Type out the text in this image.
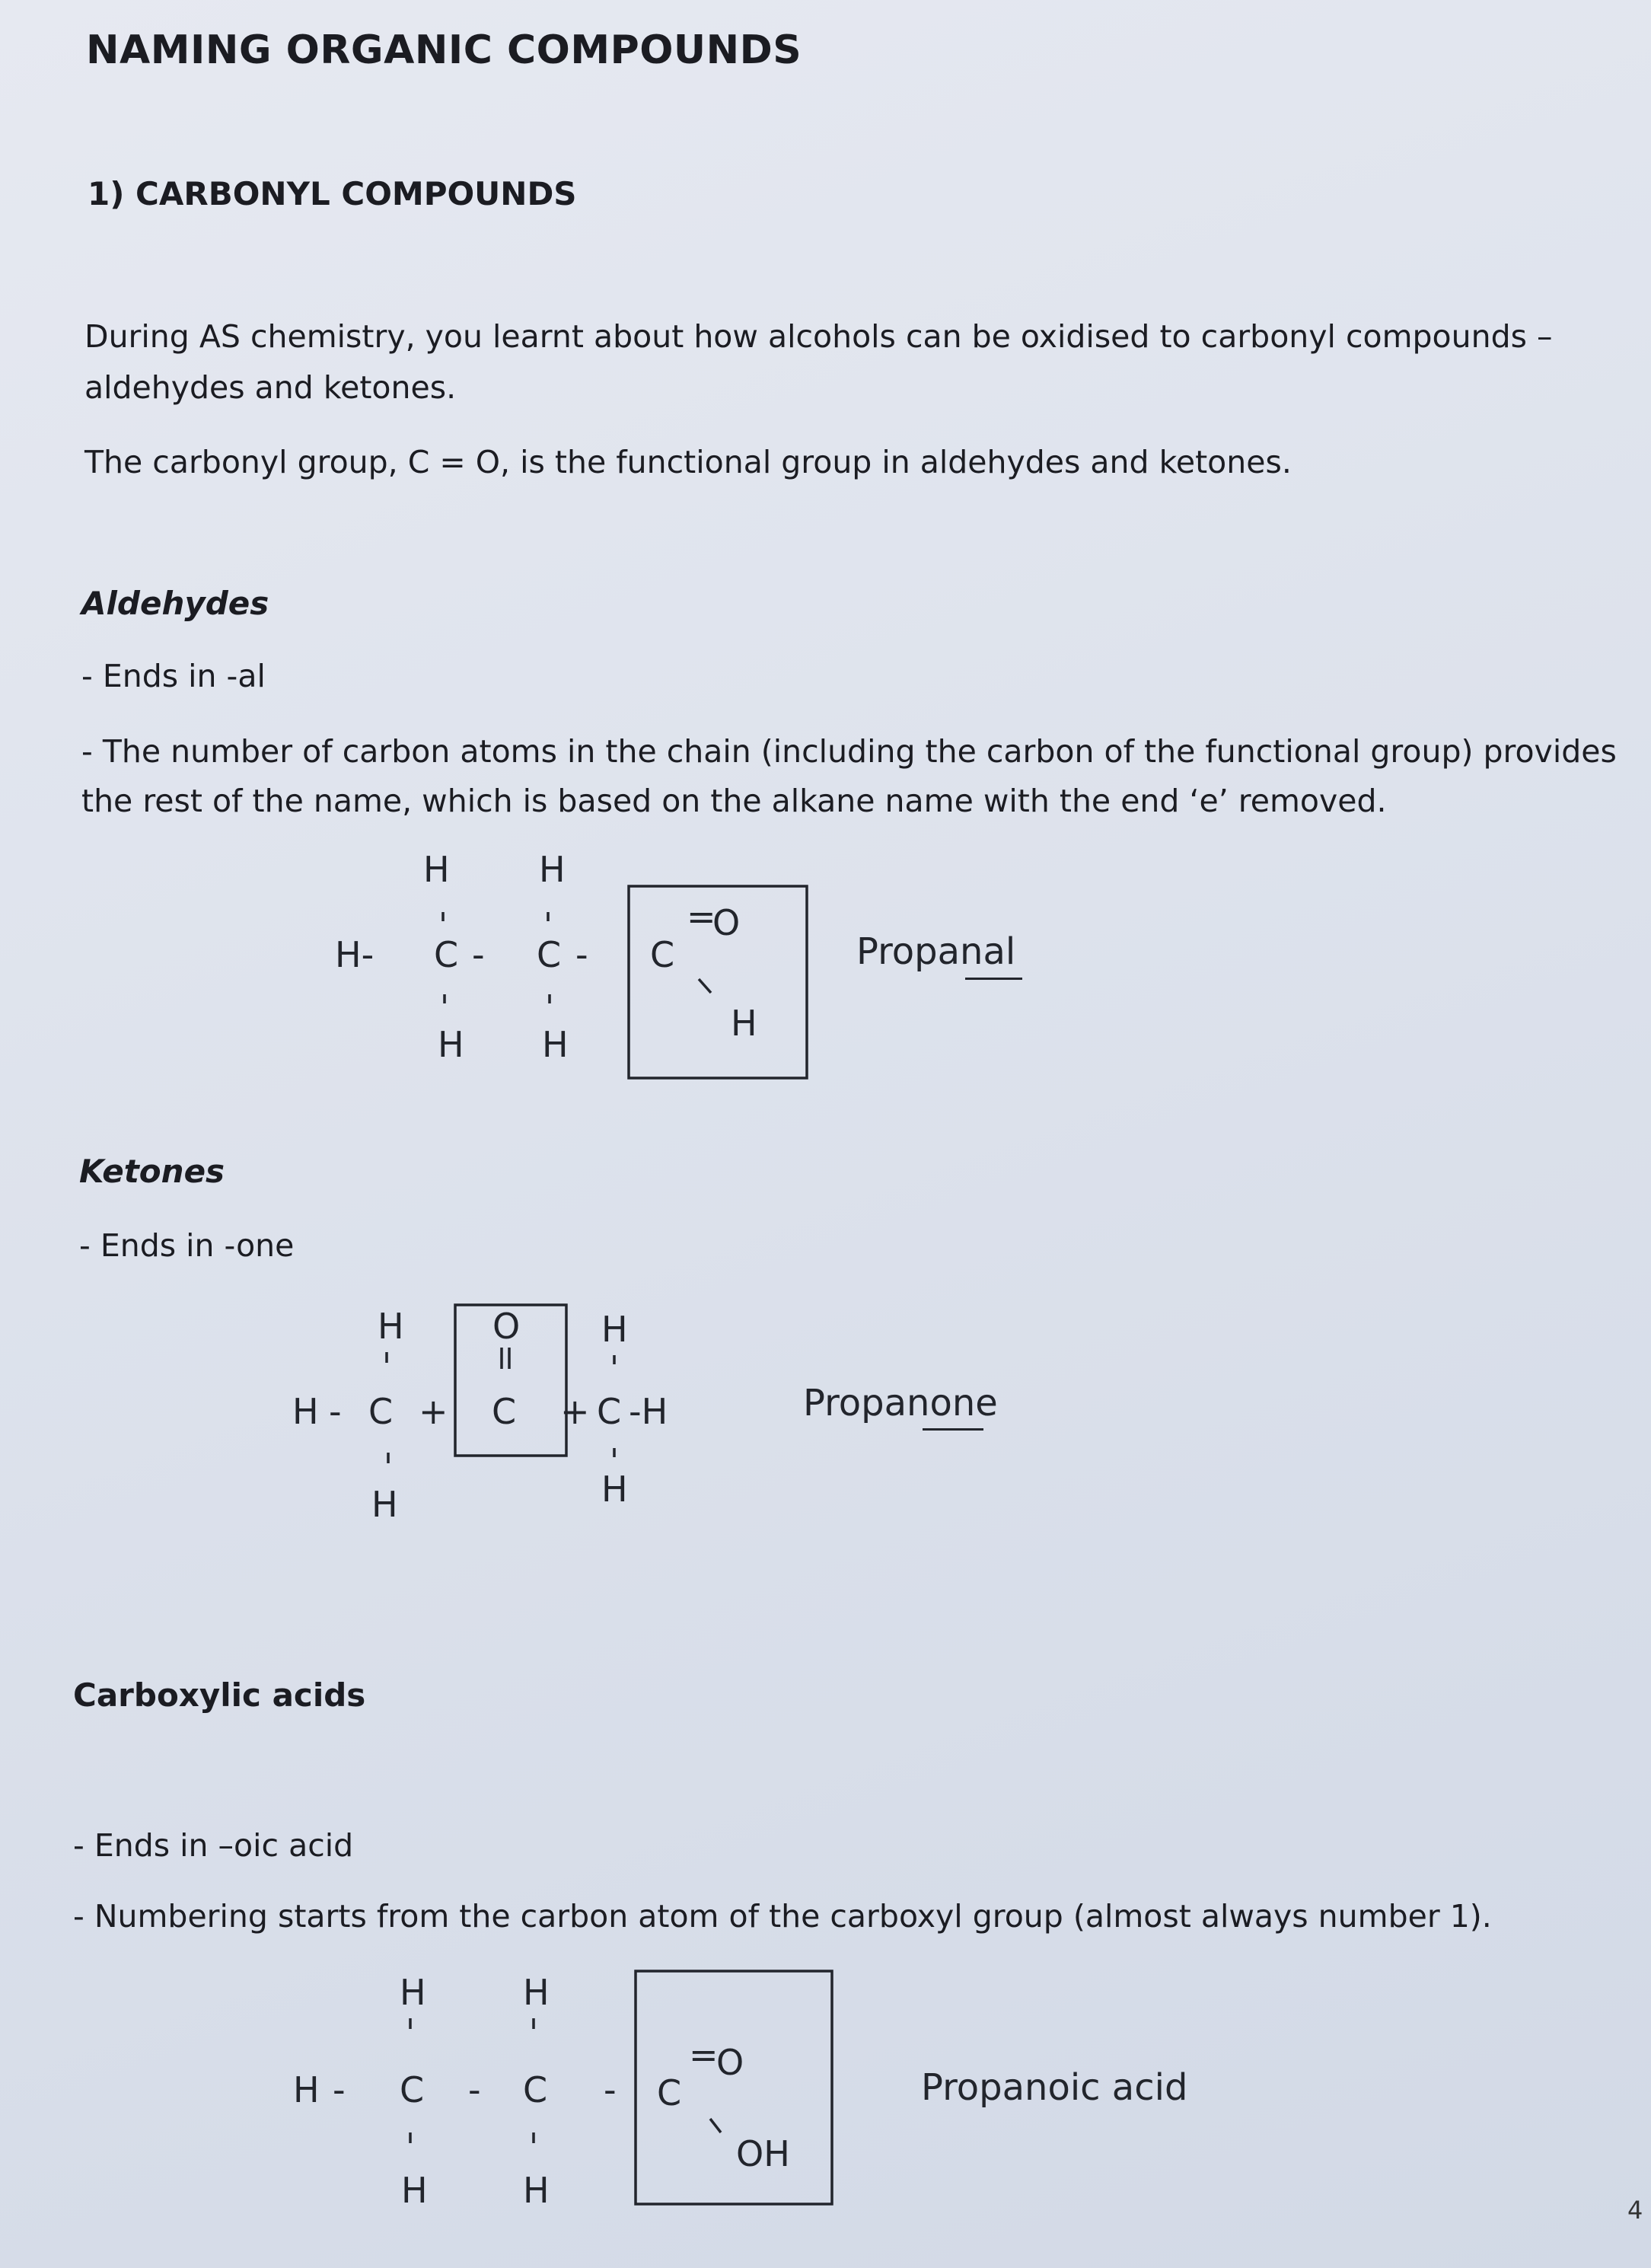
NAMING ORGANIC COMPOUNDS
1) CARBONYL COMPOUNDS
During AS chemistry, you learnt about how alcohols can be oxidised to carbonyl compounds –
aldehydes and ketones.
The carbonyl group, C = O, is the functional group in aldehydes and ketones.
Aldehydes
- Ends in -al
- The number of carbon atoms in the chain (including the carbon of the functional group) provides
the rest of the name, which is based on the alkane name with the end ‘e’ removed.
H	H
H- C - C - C
=
O
H
H H
Propanal
Ketones
- Ends in -one
H	O H
H - C + C + C -H
H	H
Propanone
Carboxylic acids
- Ends in –oic acid
- Numbering starts from the carbon atom of the carboxyl group (almost always number 1).
H	H
H - C - C - C
=
O
OH
H	H
Propanoic acid
4
